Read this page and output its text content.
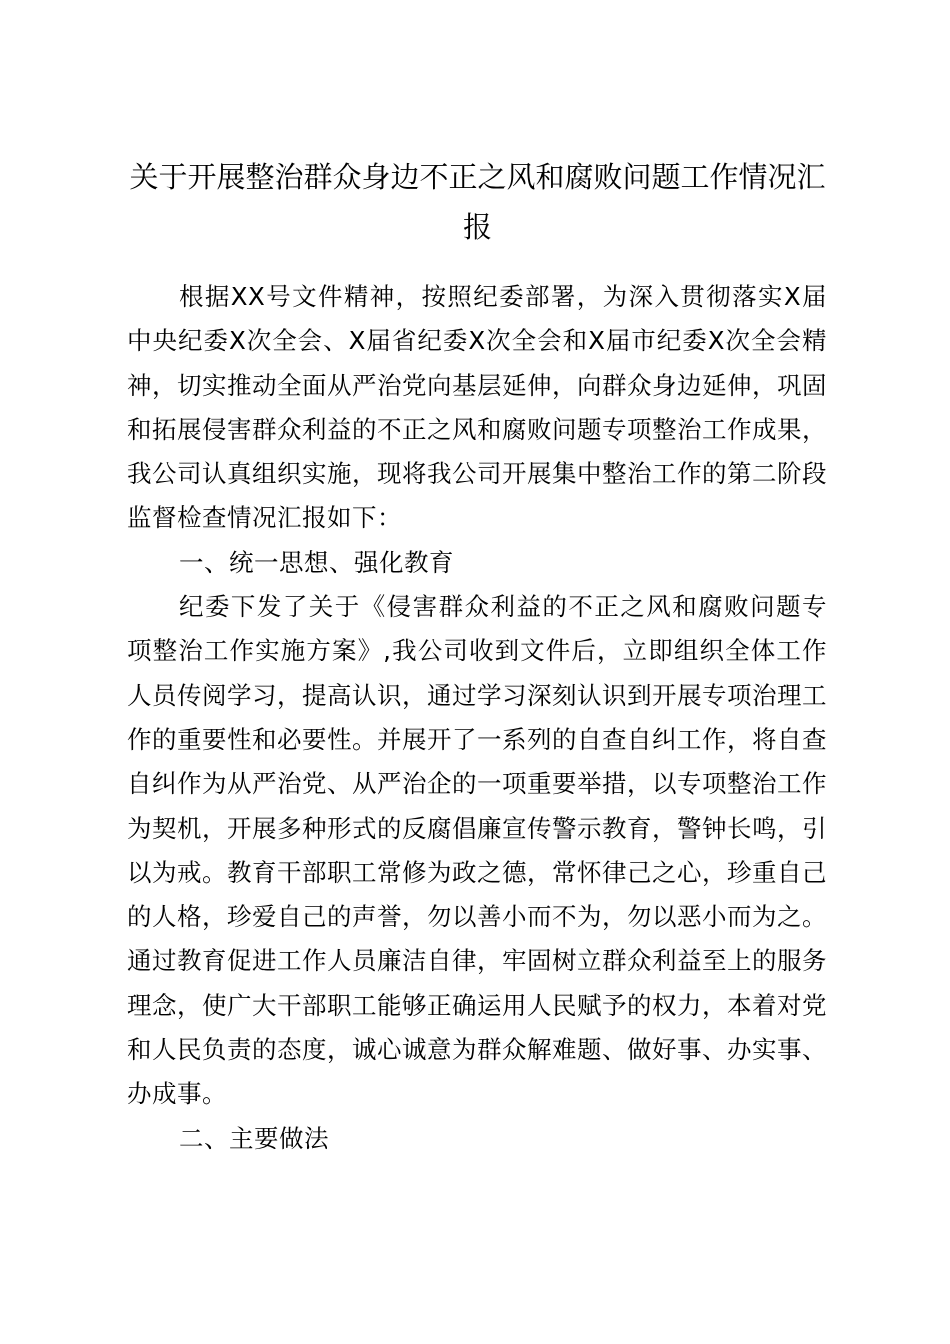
关于开展整治群众身边不正之风和腐败问题工作情况汇报

根据XX号文件精神，按照纪委部署，为深入贯彻落实X届中央纪委X次全会、X届省纪委X次全会和X届市纪委X次全会精神，切实推动全面从严治党向基层延伸，向群众身边延伸，巩固和拓展侵害群众利益的不正之风和腐败问题专项整治工作成果，我公司认真组织实施，现将我公司开展集中整治工作的第二阶段监督检查情况汇报如下：

一、统一思想、强化教育

纪委下发了关于《侵害群众利益的不正之风和腐败问题专项整治工作实施方案》,我公司收到文件后，立即组织全体工作人员传阅学习，提高认识，通过学习深刻认识到开展专项治理工作的重要性和必要性。并展开了一系列的自查自纠工作，将自查自纠作为从严治党、从严治企的一项重要举措，以专项整治工作为契机，开展多种形式的反腐倡廉宣传警示教育，警钟长鸣，引以为戒。教育干部职工常修为政之德，常怀律己之心，珍重自己的人格，珍爱自己的声誉，勿以善小而不为，勿以恶小而为之。通过教育促进工作人员廉洁自律，牢固树立群众利益至上的服务理念，使广大干部职工能够正确运用人民赋予的权力，本着对党和人民负责的态度，诚心诚意为群众解难题、做好事、办实事、办成事。

二、主要做法
